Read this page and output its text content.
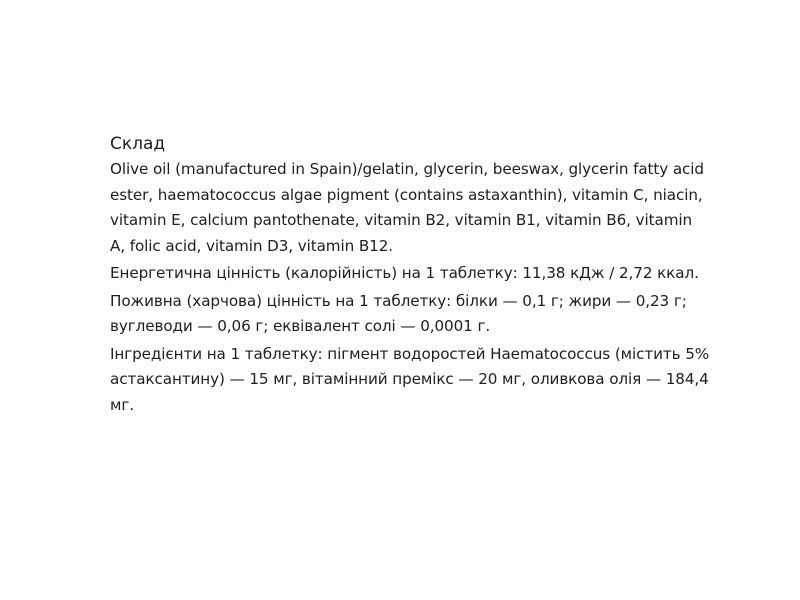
Склад

Olive oil (manufactured in Spain)/gelatin, glycerin, beeswax, glycerin fatty acid ester, haematococcus algae pigment (contains astaxanthin), vitamin C, niacin, vitamin E, calcium pantothenate, vitamin B2, vitamin B1, vitamin B6, vitamin A, folic acid, vitamin D3, vitamin B12.

Енергетична цінність (калорійність) на 1 таблетку: 11,38 кДж / 2,72 ккал.

Поживна (харчова) цінність на 1 таблетку: білки — 0,1 г; жири — 0,23 г; вуглеводи — 0,06 г; еквівалент солі — 0,0001 г.

Інгредієнти на 1 таблетку: пігмент водоростей Haematococcus (містить 5% астаксантину) — 15 мг, вітамінний премікс — 20 мг, оливкова олія — 184,4 мг.
